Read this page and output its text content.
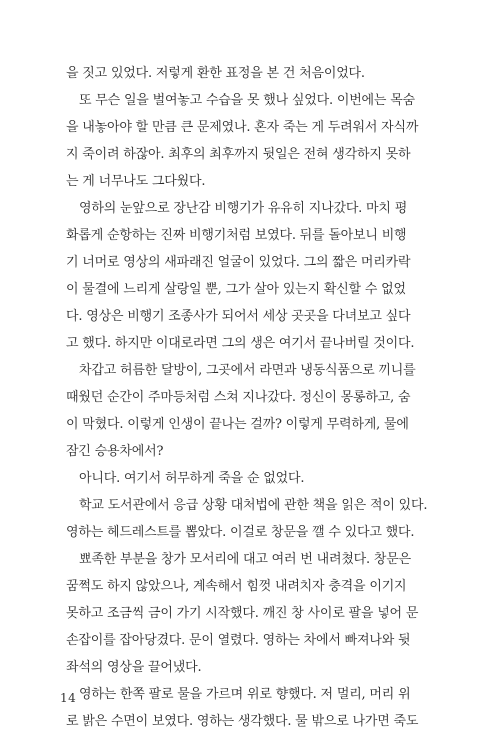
을 짓고 있었다. 저렇게 환한 표정을 본 건 처음이었다.
또 무슨 일을 벌여놓고 수습을 못 했나 싶었다. 이번에는 목숨
을 내놓아야 할 만큼 큰 문제였나. 혼자 죽는 게 두려워서 자식까
지 죽이려 하잖아. 최후의 최후까지 뒷일은 전혀 생각하지 못하
는 게 너무나도 그다웠다.
영하의 눈앞으로 장난감 비행기가 유유히 지나갔다. 마치 평
화롭게 순항하는 진짜 비행기처럼 보였다. 뒤를 돌아보니 비행
기 너머로 영상의 새파래진 얼굴이 있었다. 그의 짧은 머리카락
이 물결에 느리게 살랑일 뿐, 그가 살아 있는지 확신할 수 없었
다. 영상은 비행기 조종사가 되어서 세상 곳곳을 다녀보고 싶다
고 했다. 하지만 이대로라면 그의 생은 여기서 끝나버릴 것이다.
차갑고 허름한 달방이, 그곳에서 라면과 냉동식품으로 끼니를
때웠던 순간이 주마등처럼 스쳐 지나갔다. 정신이 몽롱하고, 숨
이 막혔다. 이렇게 인생이 끝나는 걸까? 이렇게 무력하게, 물에
잠긴 승용차에서?
아니다. 여기서 허무하게 죽을 순 없었다.
학교 도서관에서 응급 상황 대처법에 관한 책을 읽은 적이 있다.
영하는 헤드레스트를 뽑았다. 이걸로 창문을 깰 수 있다고 했다.
뾰족한 부분을 창가 모서리에 대고 여러 번 내려쳤다. 창문은
꿈쩍도 하지 않았으나, 계속해서 힘껏 내려치자 충격을 이기지
못하고 조금씩 금이 가기 시작했다. 깨진 창 사이로 팔을 넣어 문
손잡이를 잡아당겼다. 문이 열렸다. 영하는 차에서 빠져나와 뒷
좌석의 영상을 끌어냈다.
영하는 한쪽 팔로 물을 가르며 위로 향했다. 저 멀리, 머리 위
로 밝은 수면이 보였다. 영하는 생각했다. 물 밖으로 나가면 죽도
14
